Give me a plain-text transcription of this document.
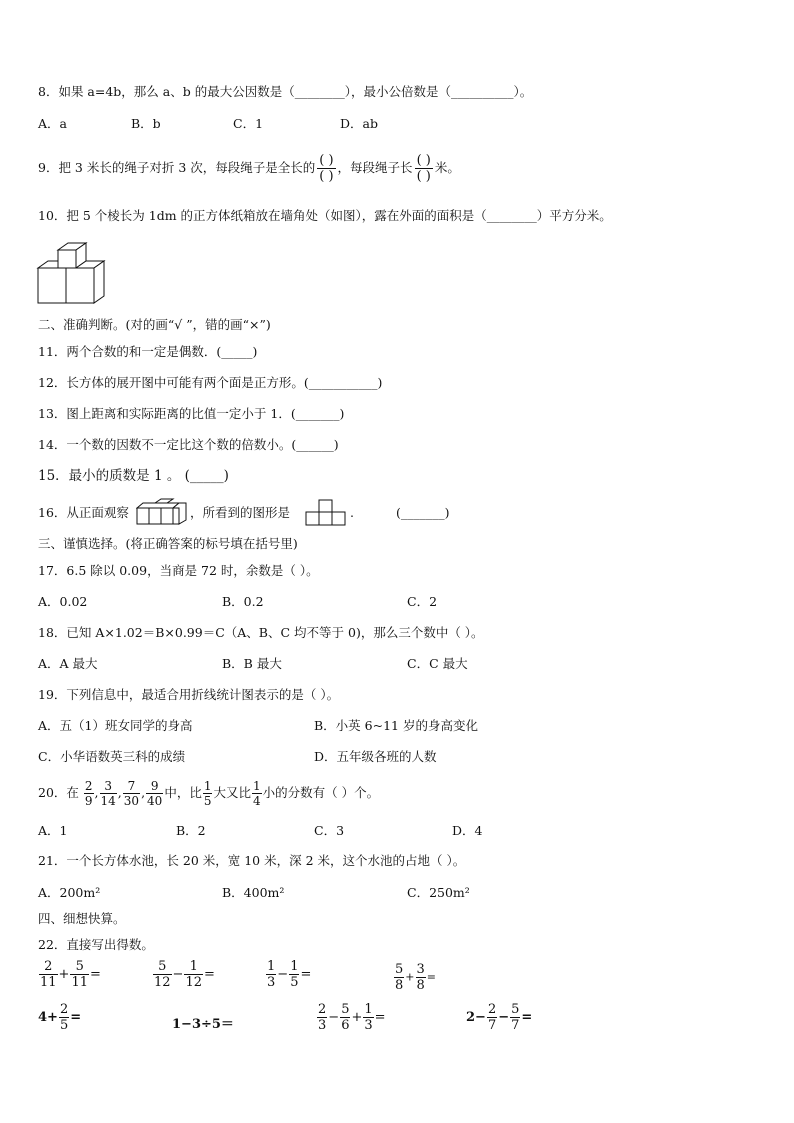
8．如果 a=4b，那么 a、b 的最大公因数是（________），最小公倍数是（__________）。
A．a	B．b	C．1	D．ab
9．把 3 米长的绳子对折 3 次，每段绳子是全长的 $\frac{( )}{( )}$ ，每段绳子长 $\frac{( )}{( )}$ 米。
10．把 5 个棱长为 1dm 的正方体纸箱放在墙角处（如图），露在外面的面积是（________）平方分米。
二、准确判断。(对的画“√ ”，错的画“×”)
11．两个合数的和一定是偶数．(_____)
12．长方体的展开图中可能有两个面是正方形。(___________)
13．图上距离和实际距离的比值一定小于 1．(_______)
14．一个数的因数不一定比这个数的倍数小。(______)
15．最小的质数是 1 。 (_____)
16．从正面观察	，所看到的图形是	.	(_______)
三、谨慎选择。(将正确答案的标号填在括号里)
17．6.5 除以 0.09，当商是 72 时，余数是（ ）。
A．0.02	B．0.2	C．2
18．已知 A×1.02＝B×0.99＝C（A、B、C 均不等于 0)，那么三个数中（ ）。
A．A 最大	B．B 最大	C．C 最大
19．下列信息中，最适合用折线统计图表示的是（ ）。
A．五（1）班女同学的身高	B．小英 6~11 岁的身高变化
C．小华语数英三科的成绩	D．五年级各班的人数
20．在 $\frac{2}{9}$ , $\frac{3}{14}$ , $\frac{7}{30}$ , $\frac{9}{40}$ 中，比 $\frac{1}{5}$ 大又比 $\frac{1}{4}$ 小的分数有（ ）个。
A．1	B．2	C．3	D．4
21．一个长方体水池，长 20 米，宽 10 米，深 2 米，这个水池的占地（ ）。
A．200m²	B．400m²	C．250m²
四、细想快算。
22．直接写出得数。
$\frac{2}{11} + \frac{5}{11}$ =	$\frac{5}{12} - \frac{1}{12}$ =	$\frac{1}{3} - \frac{1}{5}$ =	$\frac{5}{8} + \frac{3}{8}$ =
$4+ \frac{2}{5}$ =	1−3÷5＝	$\frac{2}{3} - \frac{5}{6} + \frac{1}{3}$ =	$2- \frac{2}{7} - \frac{5}{7}$ =
